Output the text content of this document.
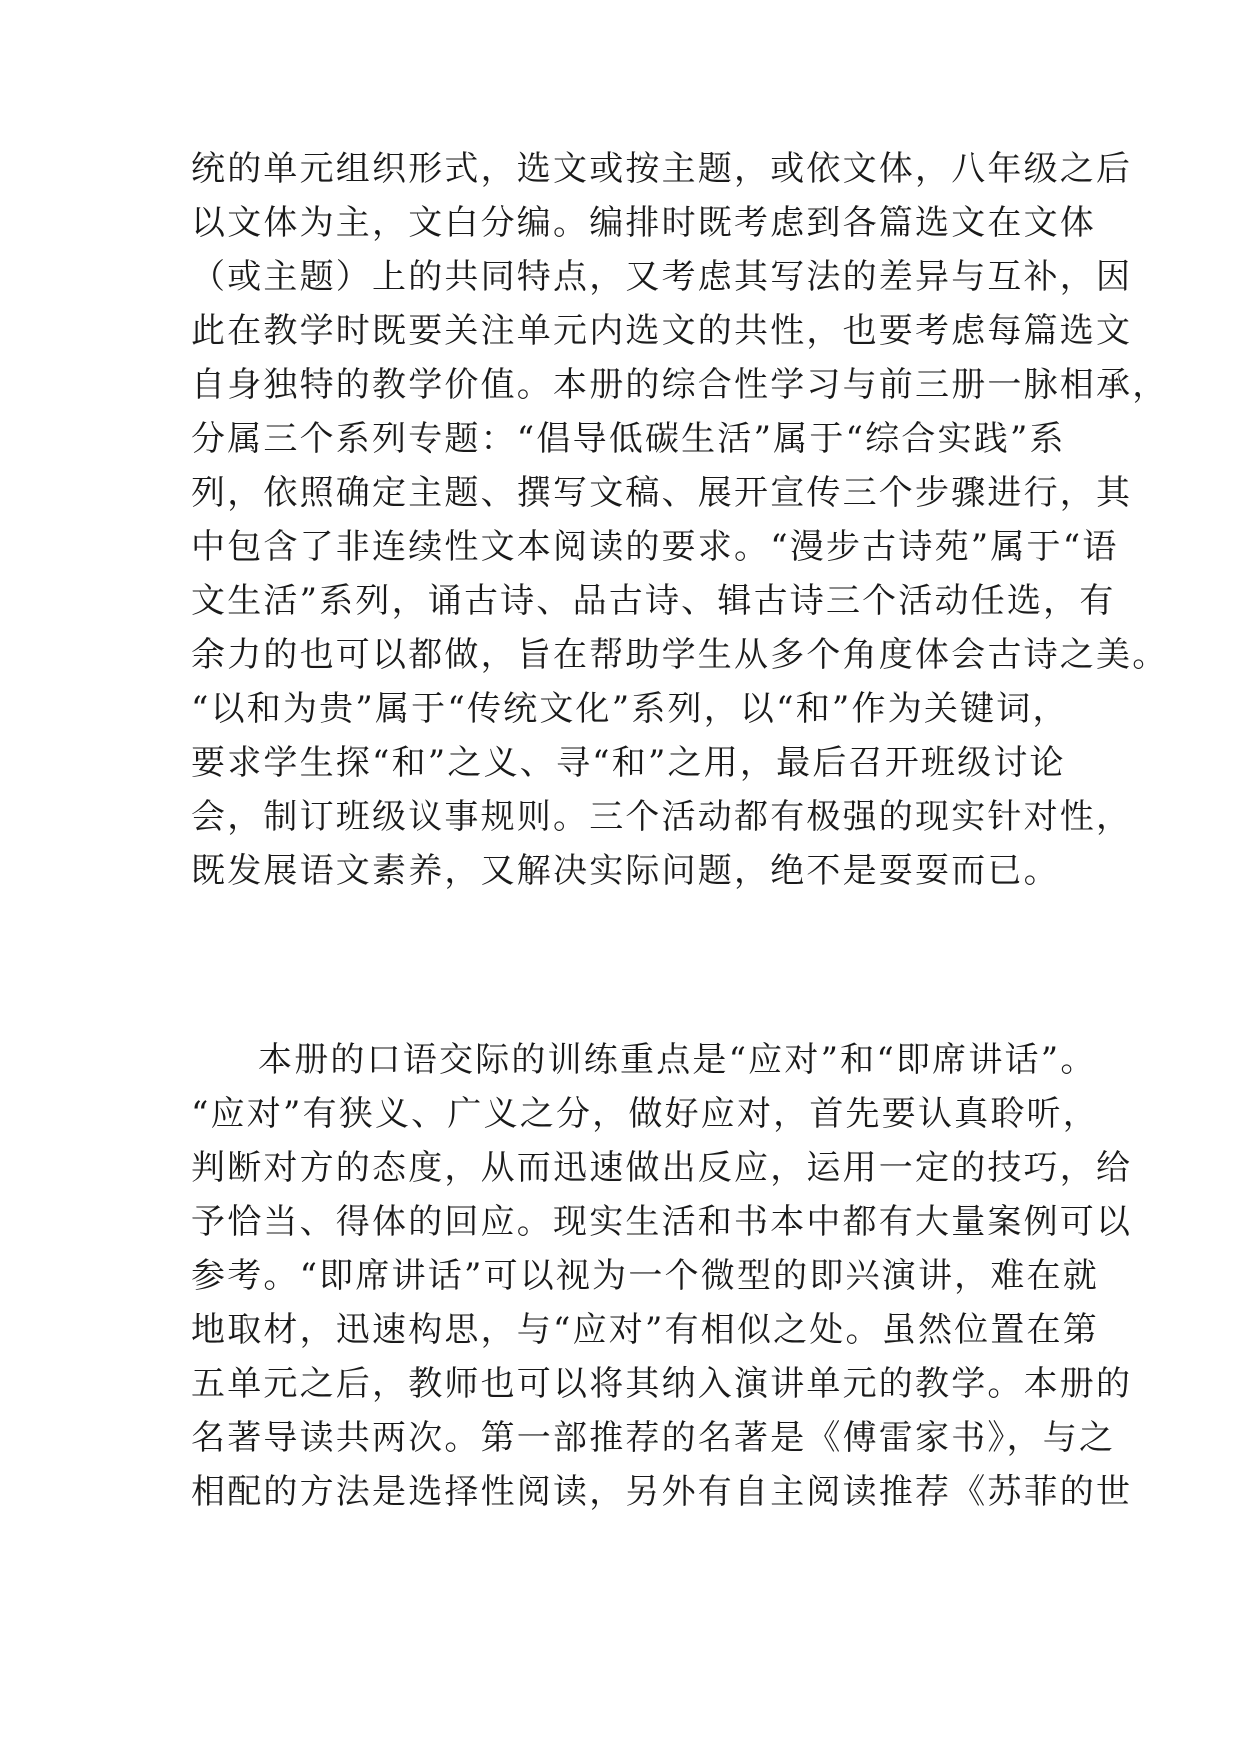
统的单元组织形式，选文或按主题，或依文体，八年级之后
以文体为主，文白分编。编排时既考虑到各篇选文在文体
（或主题）上的共同特点，又考虑其写法的差异与互补，因
此在教学时既要关注单元内选文的共性，也要考虑每篇选文
自身独特的教学价值。本册的综合性学习与前三册一脉相承，
分属三个系列专题：“倡导低碳生活”属于“综合实践”系
列，依照确定主题、撰写文稿、展开宣传三个步骤进行，其
中包含了非连续性文本阅读的要求。“漫步古诗苑”属于“语
文生活”系列，诵古诗、品古诗、辑古诗三个活动任选，有
余力的也可以都做，旨在帮助学生从多个角度体会古诗之美。
“以和为贵”属于“传统文化”系列，以“和”作为关键词，
要求学生探“和”之义、寻“和”之用，最后召开班级讨论
会，制订班级议事规则。三个活动都有极强的现实针对性，
既发展语文素养，又解决实际问题，绝不是耍耍而已。
本册的口语交际的训练重点是“应对”和“即席讲话”。
“应对”有狭义、广义之分，做好应对，首先要认真聆听，
判断对方的态度，从而迅速做出反应，运用一定的技巧，给
予恰当、得体的回应。现实生活和书本中都有大量案例可以
参考。“即席讲话”可以视为一个微型的即兴演讲，难在就
地取材，迅速构思，与“应对”有相似之处。虽然位置在第
五单元之后，教师也可以将其纳入演讲单元的教学。本册的
名著导读共两次。第一部推荐的名著是《傅雷家书》，与之
相配的方法是选择性阅读，另外有自主阅读推荐《苏菲的世
